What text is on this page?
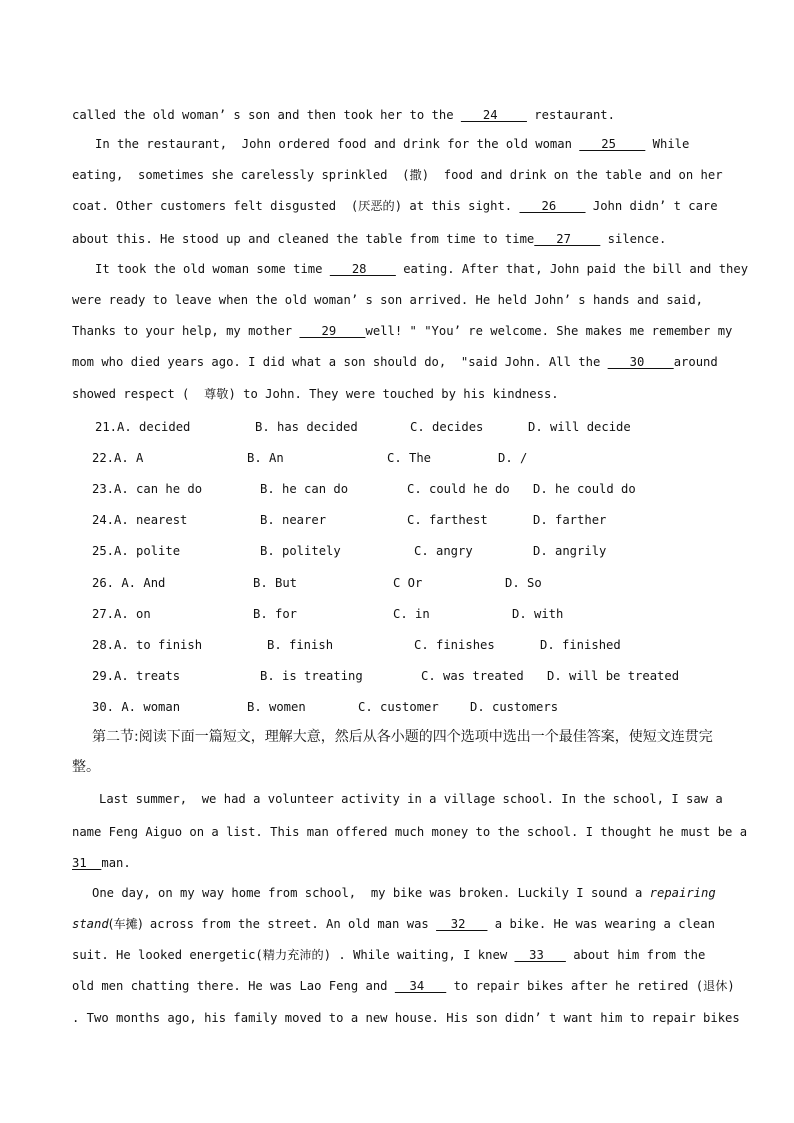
called the old woman’ s son and then took her to the    24     restaurant.
In the restaurant,  John ordered food and drink for the old woman    25     While
eating,  sometimes she carelessly sprinkled  (撒)  food and drink on the table and on her
coat. Other customers felt disgusted  (厌恶的) at this sight.    26     John didn’ t care
about this. He stood up and cleaned the table from time to time   27     silence.
It took the old woman some time    28     eating. After that, John paid the bill and they
were ready to leave when the old woman’ s son arrived. He held John’ s hands and said,
Thanks to your help, my mother    29    well! " "You’ re welcome. She makes me remember my
mom who died years ago. I did what a son should do,  "said John. All the    30    around
showed respect (  尊敬) to John. They were touched by his kindness.
21.A. decided	B. has decided	C. decides	D. will decide
22.A. A	B. An	C. The	D. /
23.A. can he do	B. he can do	C. could he do D. he could do
24.A. nearest	B. nearer	C. farthest	D. farther
25.A. polite	B. politely	C. angry	D. angrily
26. A. And	B. But	C Or	D. So
27.A. on	B. for	C. in	D. with
28.A. to finish	B. finish	C. finishes	D. finished
29.A. treats	B. is treating	C. was treated D. will be treated
30. A. woman	B. women	C. customer	D. customers
第二节:阅读下面一篇短文，理解大意，然后从各小题的四个选项中选出一个最佳答案，使短文连贯完
整。
Last summer,  we had a volunteer activity in a village school. In the school, I saw a
name Feng Aiguo on a list. This man offered much money to the school. I thought he must be a
31  man.
One day, on my way home from school,  my bike was broken. Luckily I sound a repairing
stand(车摊) across from the street. An old man was   32    a bike. He was wearing a clean
suit. He looked energetic(精力充沛的) . While waiting, I knew   33    about him from the
old men chatting there. He was Lao Feng and   34    to repair bikes after he retired (退休)
. Two months ago, his family moved to a new house. His son didn’ t want him to repair bikes
